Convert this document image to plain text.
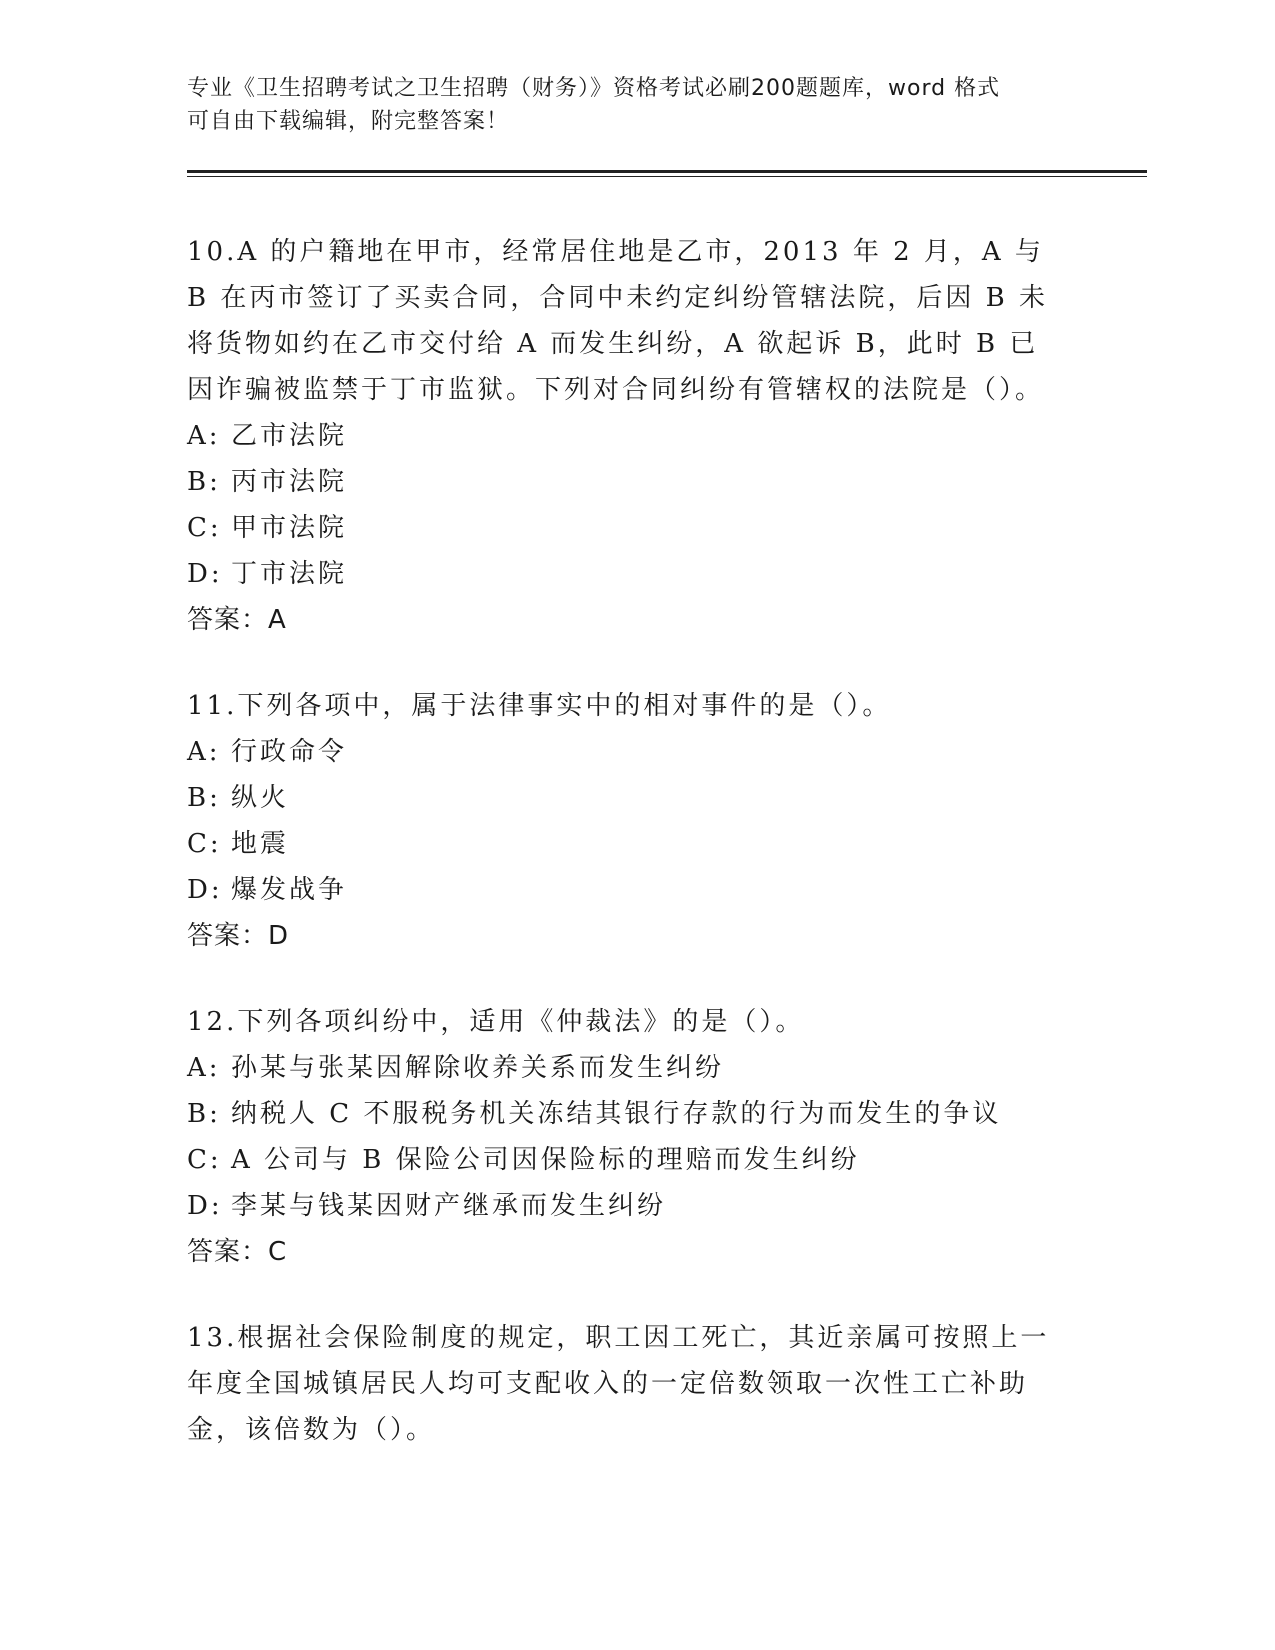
专业《卫生招聘考试之卫生招聘（财务）》资格考试必刷200题题库，word 格式
可自由下载编辑，附完整答案！
10.A 的户籍地在甲市，经常居住地是乙市，2013 年 2 月，A 与 B 在丙市签订了买卖合同，合同中未约定纠纷管辖法院，后因 B 未将货物如约在乙市交付给 A 而发生纠纷，A 欲起诉 B，此时 B 已因诈骗被监禁于丁市监狱。下列对合同纠纷有管辖权的法院是（）。
A: 乙市法院
B: 丙市法院
C: 甲市法院
D: 丁市法院
答案：A
11.下列各项中，属于法律事实中的相对事件的是（）。
A: 行政命令
B: 纵火
C: 地震
D: 爆发战争
答案：D
12.下列各项纠纷中，适用《仲裁法》的是（）。
A: 孙某与张某因解除收养关系而发生纠纷
B: 纳税人 C 不服税务机关冻结其银行存款的行为而发生的争议
C: A 公司与 B 保险公司因保险标的理赔而发生纠纷
D: 李某与钱某因财产继承而发生纠纷
答案：C
13.根据社会保险制度的规定，职工因工死亡，其近亲属可按照上一年度全国城镇居民人均可支配收入的一定倍数领取一次性工亡补助金，该倍数为（）。
